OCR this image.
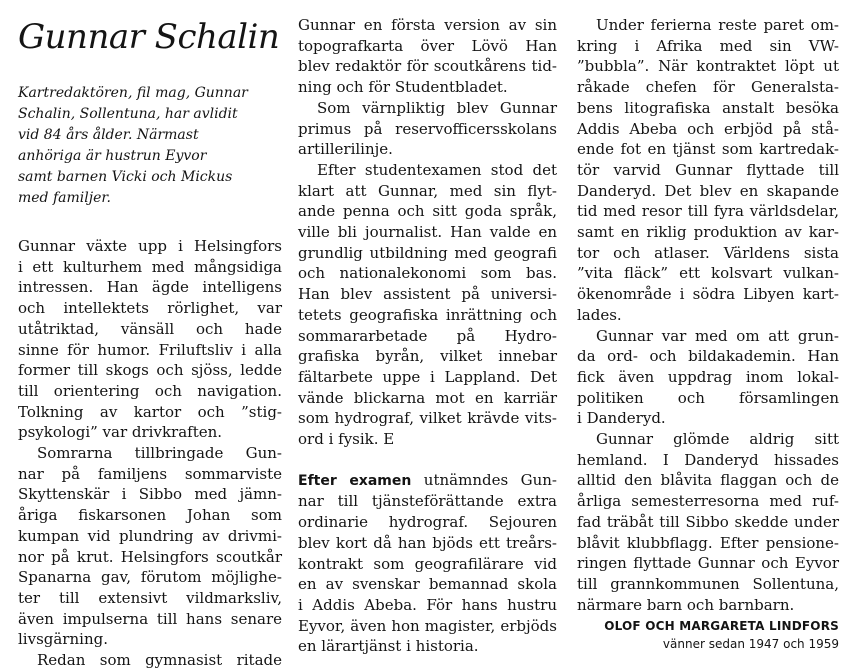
Gunnar Schalin
Kartredaktören, fil mag, Gunnar
Schalin, Sollentuna, har avlidit
vid 84 års ålder. Närmast
anhöriga är hustrun Eyvor
samt barnen Vicki och Mickus
med familjer.

Gunnar växte upp i Helsingfors
i ett kulturhem med mångsidiga
intressen. Han ägde intelligens
och intellektets rörlighet, var
utåtriktad, vänsäll och hade
sinne för humor. Friluftsliv i alla
former till skogs och sjöss, ledde
till orientering och navigation.
Tolkning av kartor och ”stig-
psykologi” var drivkraften.
Somrarna tillbringade Gun-
nar på familjens sommarviste
Skyttenskär i Sibbo med jämn-
åriga fiskarsonen Johan som
kumpan vid plundring av drivmi-
nor på krut. Helsingfors scoutkår
Spanarna gav, förutom möjlighe-
ter till extensivt vildmarksliv,
även impulserna till hans senare
livsgärning.
Redan som gymnasist ritade

Gunnar en första version av sin
topografkarta över Lövö Han
blev redaktör för scoutkårens tid-
ning och för Studentbladet.
Som värnpliktig blev Gunnar
primus på reservofficersskolans
artillerilinje.
Efter studentexamen stod det
klart att Gunnar, med sin flyt-
ande penna och sitt goda språk,
ville bli journalist. Han valde en
grundlig utbildning med geografi
och nationalekonomi som bas.
Han blev assistent på universi-
tetets geografiska inrättning och
sommararbetade på Hydro-
grafiska byrån, vilket innebar
fältarbete uppe i Lappland. Det
vände blickarna mot en karriär
som hydrograf, vilket krävde vits-
ord i fysik. E
Efter examen utnämndes Gun-
nar till tjänsteförättande extra
ordinarie hydrograf. Sejouren
blev kort då han bjöds ett treårs-
kontrakt som geografilärare vid
en av svenskar bemannad skola
i Addis Abeba. För hans hustru
Eyvor, även hon magister, erbjöds
en lärartjänst i historia.

Under ferierna reste paret om-
kring i Afrika med sin VW-
”bubbla”. När kontraktet löpt ut
råkade chefen för Generalsta-
bens litografiska anstalt besöka
Addis Abeba och erbjöd på stå-
ende fot en tjänst som kartredak-
tör varvid Gunnar flyttade till
Danderyd. Det blev en skapande
tid med resor till fyra världsdelar,
samt en riklig produktion av kar-
tor och atlaser. Världens sista
”vita fläck” ett kolsvart vulkan-
ökenområde i södra Libyen kart-
lades.
Gunnar var med om att grun-
da ord- och bildakademin. Han
fick även uppdrag inom lokal-
politiken och församlingen
i Danderyd.
Gunnar glömde aldrig sitt
hemland. I Danderyd hissades
alltid den blåvita flaggan och de
årliga semesterresorna med ruf-
fad träbåt till Sibbo skedde under
blåvit klubbflagg. Efter pensione-
ringen flyttade Gunnar och Eyvor
till grannkommunen Sollentuna,
närmare barn och barnbarn.

OLOF OCH MARGARETA LINDFORS
vänner sedan 1947 och 1959
